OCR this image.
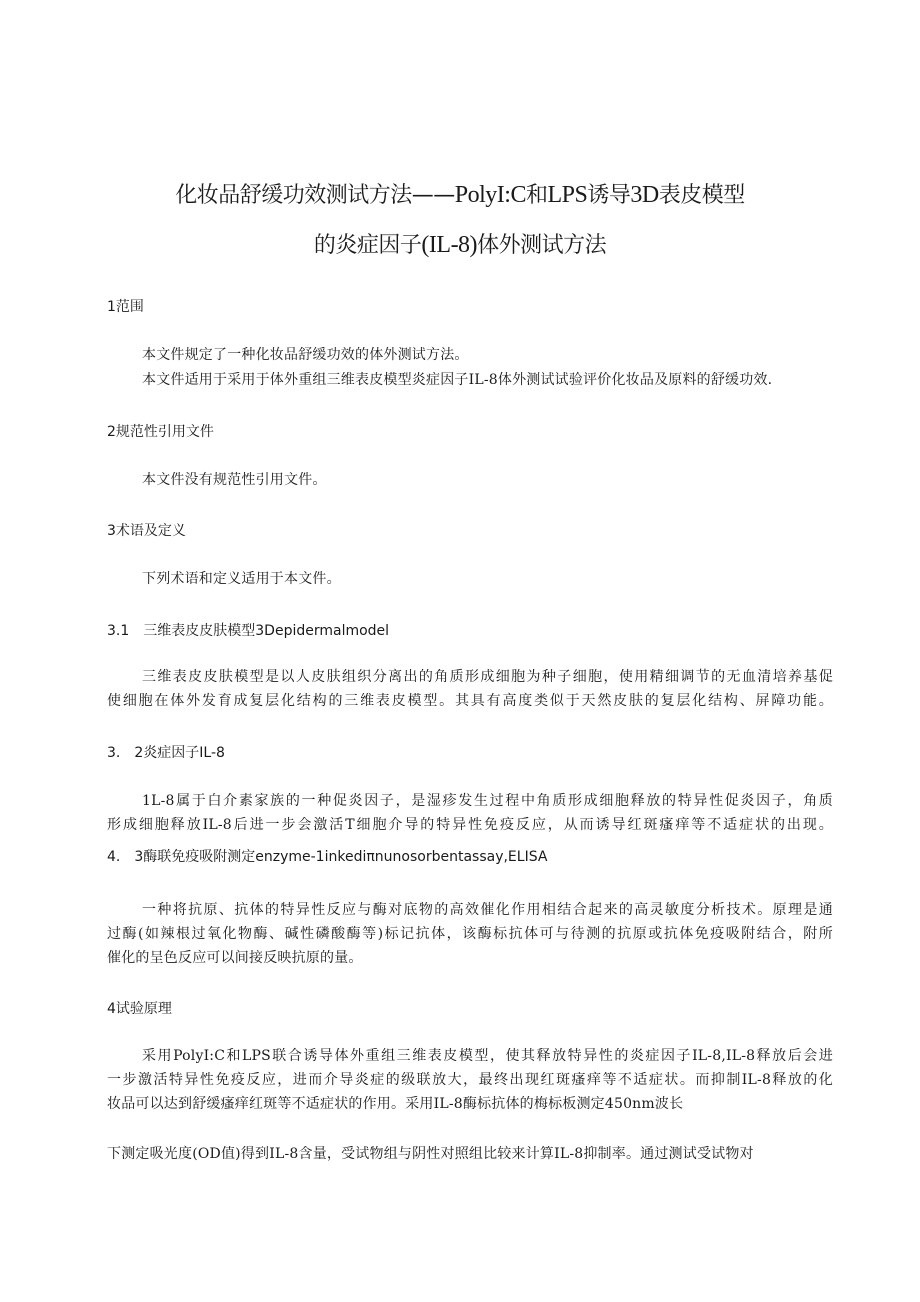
化妆品舒缓功效测试方法——PolyI:C和LPS诱导3D表皮模型
的炎症因子(IL-8)体外测试方法
1范围
本文件规定了一种化妆品舒缓功效的体外测试方法。
本文件适用于采用于体外重组三维表皮模型炎症因子IL-8体外测试试验评价化妆品及原料的舒缓功效.
2规范性引用文件
本文件没有规范性引用文件。
3术语及定义
下列术语和定义适用于本文件。
3.1　三维表皮皮肤模型3Depidermalmodel
三维表皮皮肤模型是以人皮肤组织分离出的角质形成细胞为种子细胞，使用精细调节的无血清培养基促
使细胞在体外发育成复层化结构的三维表皮模型。其具有高度类似于天然皮肤的复层化结构、屏障功能。
3.　2炎症因子IL-8
1L-8属于白介素家族的一种促炎因子，是湿疹发生过程中角质形成细胞释放的特异性促炎因子，角质
形成细胞释放IL-8后进一步会激活T细胞介导的特异性免疫反应，从而诱导红斑瘙痒等不适症状的出现。
4.　3酶联免疫吸附测定enzyme-1inkediπnunosorbentassay,ELISA
一种将抗原、抗体的特异性反应与酶对底物的高效催化作用相结合起来的高灵敏度分析技术。原理是通
过酶(如辣根过氧化物酶、碱性磷酸酶等)标记抗体，该酶标抗体可与待测的抗原或抗体免疫吸附结合，附所
催化的呈色反应可以间接反映抗原的量。
4试验原理
采用PolyI:C和LPS联合诱导体外重组三维表皮模型，使其释放特异性的炎症因子IL-8,IL-8释放后会进
一步激活特异性免疫反应，进而介导炎症的级联放大，最终出现红斑瘙痒等不适症状。而抑制IL-8释放的化
妆品可以达到舒缓瘙痒红斑等不适症状的作用。采用IL-8酶标抗体的梅标板测定450nm波长
下测定吸光度(OD值)得到IL-8含量，受试物组与阴性对照组比较来计算IL-8抑制率。通过测试受试物对
